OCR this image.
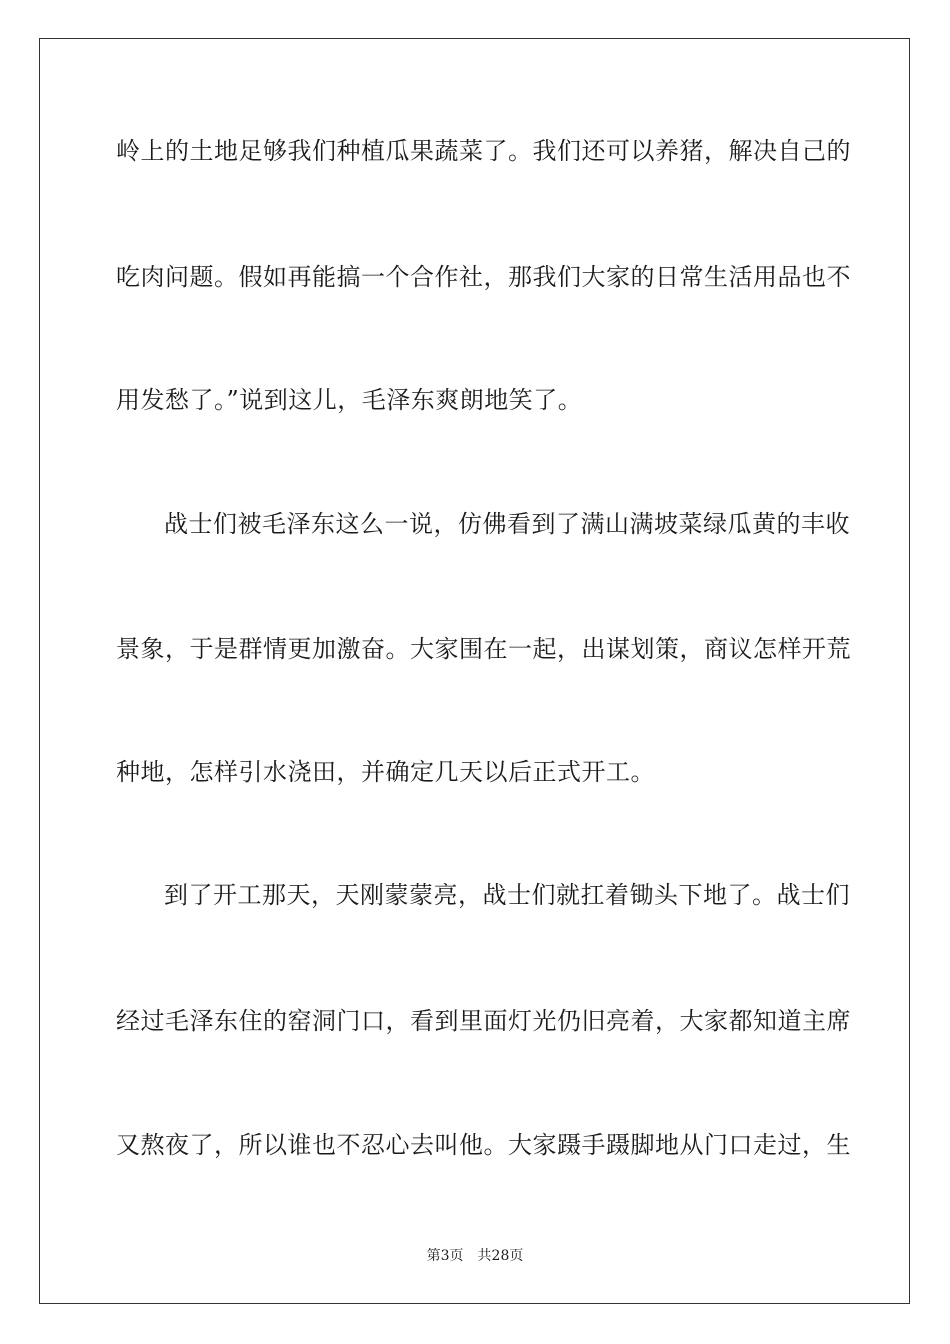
岭上的土地足够我们种植瓜果蔬菜了。我们还可以养猪，解决自己的
吃肉问题。假如再能搞一个合作社，那我们大家的日常生活用品也不
用发愁了。”说到这儿，毛泽东爽朗地笑了。
战士们被毛泽东这么一说，仿佛看到了满山满坡菜绿瓜黄的丰收
景象，于是群情更加激奋。大家围在一起，出谋划策，商议怎样开荒
种地，怎样引水浇田，并确定几天以后正式开工。
到了开工那天，天刚蒙蒙亮，战士们就扛着锄头下地了。战士们
经过毛泽东住的窑洞门口，看到里面灯光仍旧亮着，大家都知道主席
又熬夜了，所以谁也不忍心去叫他。大家蹑手蹑脚地从门口走过，生
第3页 共28页
